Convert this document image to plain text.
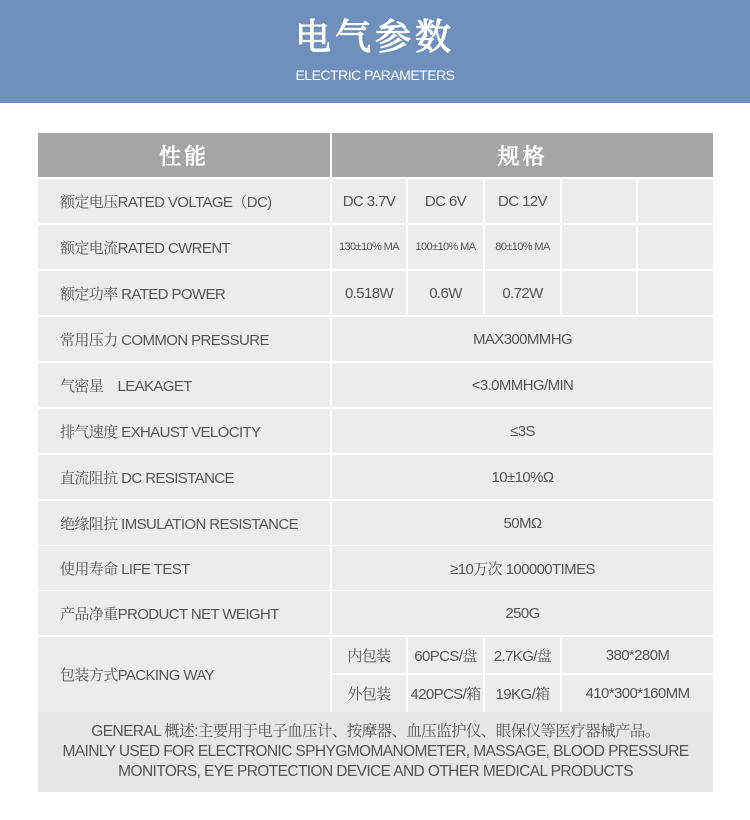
电气参数
ELECTRIC PARAMETERS
性能	规格
额定电压RATED VOLTAGE（DC)	DC 3.7V	DC 6V	DC 12V
额定电流RATED CWRENT	130±10% MA	100±10% MA	80±10% MA
额定功率 RATED POWER	0.518W	0.6W	0.72W
常用压力 COMMON PRESSURE	MAX300MMHG
气密星    LEAKAGET	<3.0MMHG/MIN
排气速度 EXHAUST VELOCITY	≤3S
直流阻抗 DC RESISTANCE	10±10%Ω
绝缘阻抗 IMSULATION RESISTANCE	50MΩ
使用寿命 LIFE TEST	≥10万次 100000TIMES
产品净重PRODUCT NET WEIGHT	250G
包装方式PACKING WAY
内包装	60PCS/盘	2.7KG/盘	380*280M
外包装	420PCS/箱 19KG/箱	410*300*160MM
GENERAL 概述:主要用于电子血压计、按摩器、血压监护仪、眼保仪等医疗器械产品。
MAINLY USED FOR ELECTRONIC SPHYGMOMANOMETER, MASSAGE, BLOOD PRESSURE
MONITORS, EYE PROTECTION DEVICE AND OTHER MEDICAL PRODUCTS
